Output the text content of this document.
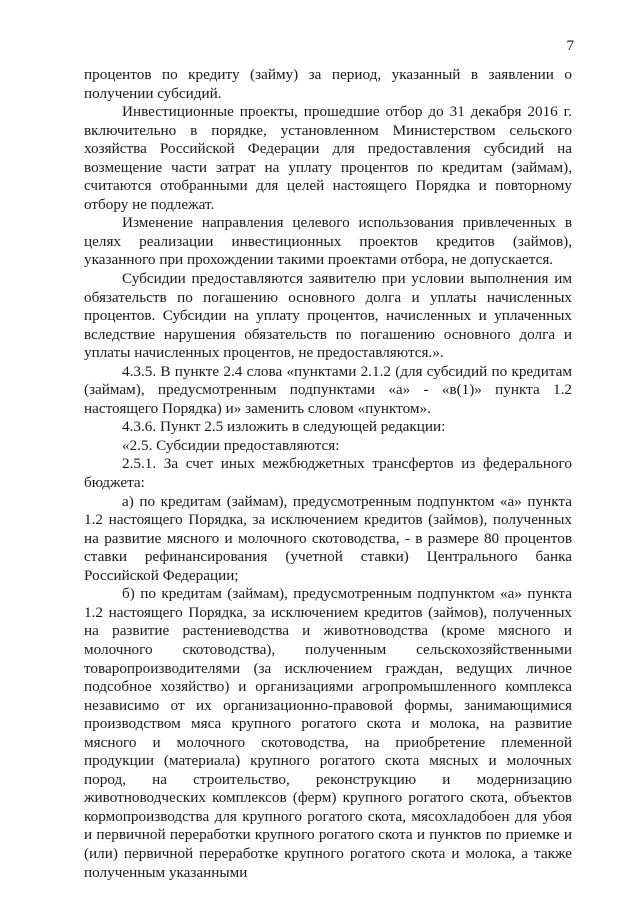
7

процентов по кредиту (займу) за период, указанный в заявлении о получении субсидий.

Инвестиционные проекты, прошедшие отбор до 31 декабря 2016 г. включительно в порядке, установленном Министерством сельского хозяйства Российской Федерации для предоставления субсидий на возмещение части затрат на уплату процентов по кредитам (займам), считаются отобранными для целей настоящего Порядка и повторному отбору не подлежат.

Изменение направления целевого использования привлеченных в целях реализации инвестиционных проектов кредитов (займов), указанного при прохождении такими проектами отбора, не допускается.

Субсидии предоставляются заявителю при условии выполнения им обязательств по погашению основного долга и уплаты начисленных процентов. Субсидии на уплату процентов, начисленных и уплаченных вследствие нарушения обязательств по погашению основного долга и уплаты начисленных процентов, не предоставляются.».

4.3.5. В пункте 2.4 слова «пунктами 2.1.2 (для субсидий по кредитам (займам), предусмотренным подпунктами «а» - «в(1)» пункта 1.2 настоящего Порядка) и» заменить словом «пунктом».

4.3.6. Пункт 2.5 изложить в следующей редакции:

«2.5. Субсидии предоставляются:

2.5.1. За счет иных межбюджетных трансфертов из федерального бюджета:

а) по кредитам (займам), предусмотренным подпунктом «а» пункта 1.2 настоящего Порядка, за исключением кредитов (займов), полученных на развитие мясного и молочного скотоводства, - в размере 80 процентов ставки рефинансирования (учетной ставки) Центрального банка Российской Федерации;

б) по кредитам (займам), предусмотренным подпунктом «а» пункта 1.2 настоящего Порядка, за исключением кредитов (займов), полученных на развитие растениеводства и животноводства (кроме мясного и молочного скотоводства), полученным сельскохозяйственными товаропроизводителями (за исключением граждан, ведущих личное подсобное хозяйство) и организациями агропромышленного комплекса независимо от их организационно-правовой формы, занимающимися производством мяса крупного рогатого скота и молока, на развитие мясного и молочного скотоводства, на приобретение племенной продукции (материала) крупного рогатого скота мясных и молочных пород, на строительство, реконструкцию и модернизацию животноводческих комплексов (ферм) крупного рогатого скота, объектов кормопроизводства для крупного рогатого скота, мясохладобоен для убоя и первичной переработки крупного рогатого скота и пунктов по приемке и (или) первичной переработке крупного рогатого скота и молока, а также полученным указанными
